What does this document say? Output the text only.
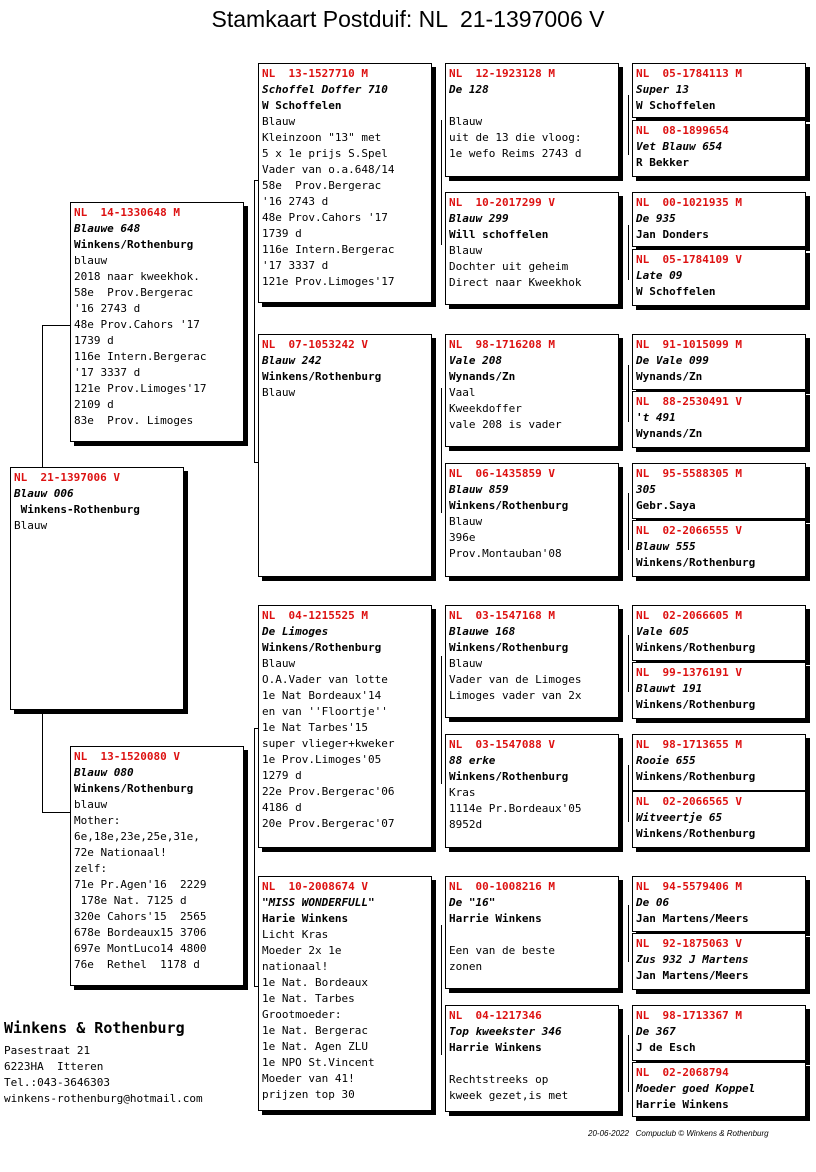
Stamkaart Postduif: NL  21-1397006 V
NL  21-1397006 V
Blauw 006
Winkens-Rothenburg
Blauw
NL  14-1330648 M
Blauwe 648
Winkens/Rothenburg
blauw
2018 naar kweekhok.
58e  Prov.Bergerac
'16 2743 d
48e Prov.Cahors '17
1739 d
116e Intern.Bergerac
'17 3337 d
121e Prov.Limoges'17
2109 d
83e  Prov. Limoges
NL  13-1520080 V
Blauw 080
Winkens/Rothenburg
blauw
Mother:
6e,18e,23e,25e,31e,
72e Nationaal!
zelf:
71e Pr.Agen'16  2229
178e Nat. 7125 d
320e Cahors'15  2565
678e Bordeaux15 3706
697e MontLuco14 4800
76e  Rethel  1178 d
NL  13-1527710 M
Schoffel Doffer 710
W Schoffelen
Blauw
Kleinzoon "13" met
5 x 1e prijs S.Spel
Vader van o.a.648/14
58e  Prov.Bergerac
'16 2743 d
48e Prov.Cahors '17
1739 d
116e Intern.Bergerac
'17 3337 d
121e Prov.Limoges'17
NL  07-1053242 V
Blauw 242
Winkens/Rothenburg
Blauw
NL  04-1215525 M
De Limoges
Winkens/Rothenburg
Blauw
O.A.Vader van lotte
1e Nat Bordeaux'14
en van ''Floortje''
1e Nat Tarbes'15
super vlieger+kweker
1e Prov.Limoges'05
1279 d
22e Prov.Bergerac'06
4186 d
20e Prov.Bergerac'07
NL  10-2008674 V
"MISS WONDERFULL"
Harie Winkens
Licht Kras
Moeder 2x 1e
nationaal!
1e Nat. Bordeaux
1e Nat. Tarbes
Grootmoeder:
1e Nat. Bergerac
1e Nat. Agen ZLU
1e NPO St.Vincent
Moeder van 41!
prijzen top 30
NL  12-1923128 M
De 128

Blauw
uit de 13 die vloog:
1e wefo Reims 2743 d
NL  10-2017299 V
Blauw 299
Will schoffelen
Blauw
Dochter uit geheim
Direct naar Kweekhok
NL  98-1716208 M
Vale 208
Wynands/Zn
Vaal
Kweekdoffer
vale 208 is vader
NL  06-1435859 V
Blauw 859
Winkens/Rothenburg
Blauw
396e
Prov.Montauban'08
NL  03-1547168 M
Blauwe 168
Winkens/Rothenburg
Blauw
Vader van de Limoges
Limoges vader van 2x
NL  03-1547088 V
88 erke
Winkens/Rothenburg
Kras
1114e Pr.Bordeaux'05
8952d
NL  00-1008216 M
De "16"
Harrie Winkens

Een van de beste
zonen
NL  04-1217346
Top kweekster 346
Harrie Winkens

Rechtstreeks op
kweek gezet,is met
NL  05-1784113 M
Super 13
W Schoffelen
NL  08-1899654
Vet Blauw 654
R Bekker
NL  00-1021935 M
De 935
Jan Donders
NL  05-1784109 V
Late 09
W Schoffelen
NL  91-1015099 M
De Vale 099
Wynands/Zn
NL  88-2530491 V
't 491
Wynands/Zn
NL  95-5588305 M
305
Gebr.Saya
NL  02-2066555 V
Blauw 555
Winkens/Rothenburg
NL  02-2066605 M
Vale 605
Winkens/Rothenburg
NL  99-1376191 V
Blauwt 191
Winkens/Rothenburg
NL  98-1713655 M
Rooie 655
Winkens/Rothenburg
NL  02-2066565 V
Witveertje 65
Winkens/Rothenburg
NL  94-5579406 M
De 06
Jan Martens/Meers
NL  92-1875063 V
Zus 932 J Martens
Jan Martens/Meers
NL  98-1713367 M
De 367
J de Esch
NL  02-2068794
Moeder goed Koppel
Harrie Winkens
Winkens & Rothenburg
Pasestraat 21
6223HA  Itteren
Tel.:043-3646303
winkens-rothenburg@hotmail.com
20-06-2022   Compuclub © Winkens & Rothenburg
